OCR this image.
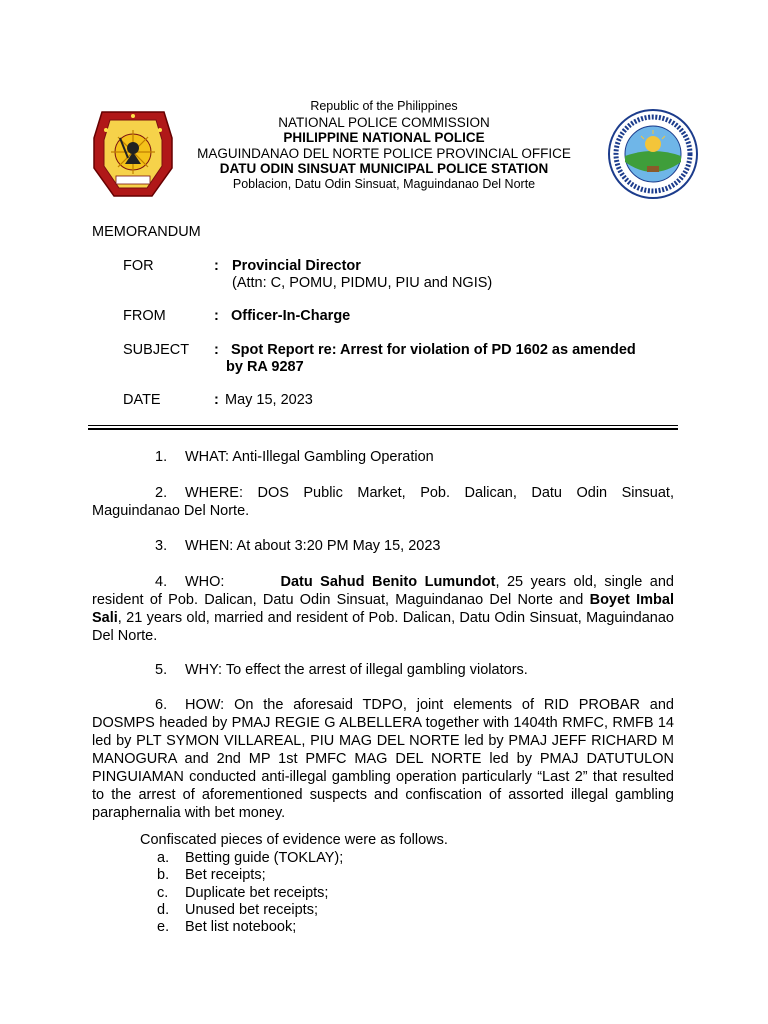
Republic of the Philippines
NATIONAL POLICE COMMISSION
PHILIPPINE NATIONAL POLICE
MAGUINDANAO DEL NORTE POLICE PROVINCIAL OFFICE
DATU ODIN SINSUAT MUNICIPAL POLICE STATION
Poblacion, Datu Odin Sinsuat, Maguindanao Del Norte
MEMORANDUM
FOR	: Provincial Director
(Attn: C, POMU, PIDMU, PIU and NGIS)
FROM	: Officer-In-Charge
SUBJECT : Spot Report re: Arrest for violation of PD 1602 as amended
by RA 9287
DATE	: May 15, 2023
1. WHAT: Anti-Illegal Gambling Operation
2. WHERE: DOS Public Market, Pob. Dalican, Datu Odin Sinsuat, Maguindanao Del Norte.
3. WHEN: At about 3:20 PM May 15, 2023
4. WHO:	Datu Sahud Benito Lumundot, 25 years old, single and resident of Pob. Dalican, Datu Odin Sinsuat, Maguindanao Del Norte and Boyet Imbal Sali, 21 years old, married and resident of Pob. Dalican, Datu Odin Sinsuat, Maguindanao Del Norte.
5. WHY: To effect the arrest of illegal gambling violators.
6. HOW: On the aforesaid TDPO, joint elements of RID PROBAR and DOSMPS headed by PMAJ REGIE G ALBELLERA together with 1404th RMFC, RMFB 14 led by PLT SYMON VILLAREAL, PIU MAG DEL NORTE led by PMAJ JEFF RICHARD M MANOGURA and 2nd MP 1st PMFC MAG DEL NORTE led by PMAJ DATUTULON PINGUIAMAN conducted anti-illegal gambling operation particularly “Last 2” that resulted to the arrest of aforementioned suspects and confiscation of assorted illegal gambling paraphernalia with bet money.
Confiscated pieces of evidence were as follows.
a. Betting guide (TOKLAY);
b. Bet receipts;
c. Duplicate bet receipts;
d. Unused bet receipts;
e. Bet list notebook;
